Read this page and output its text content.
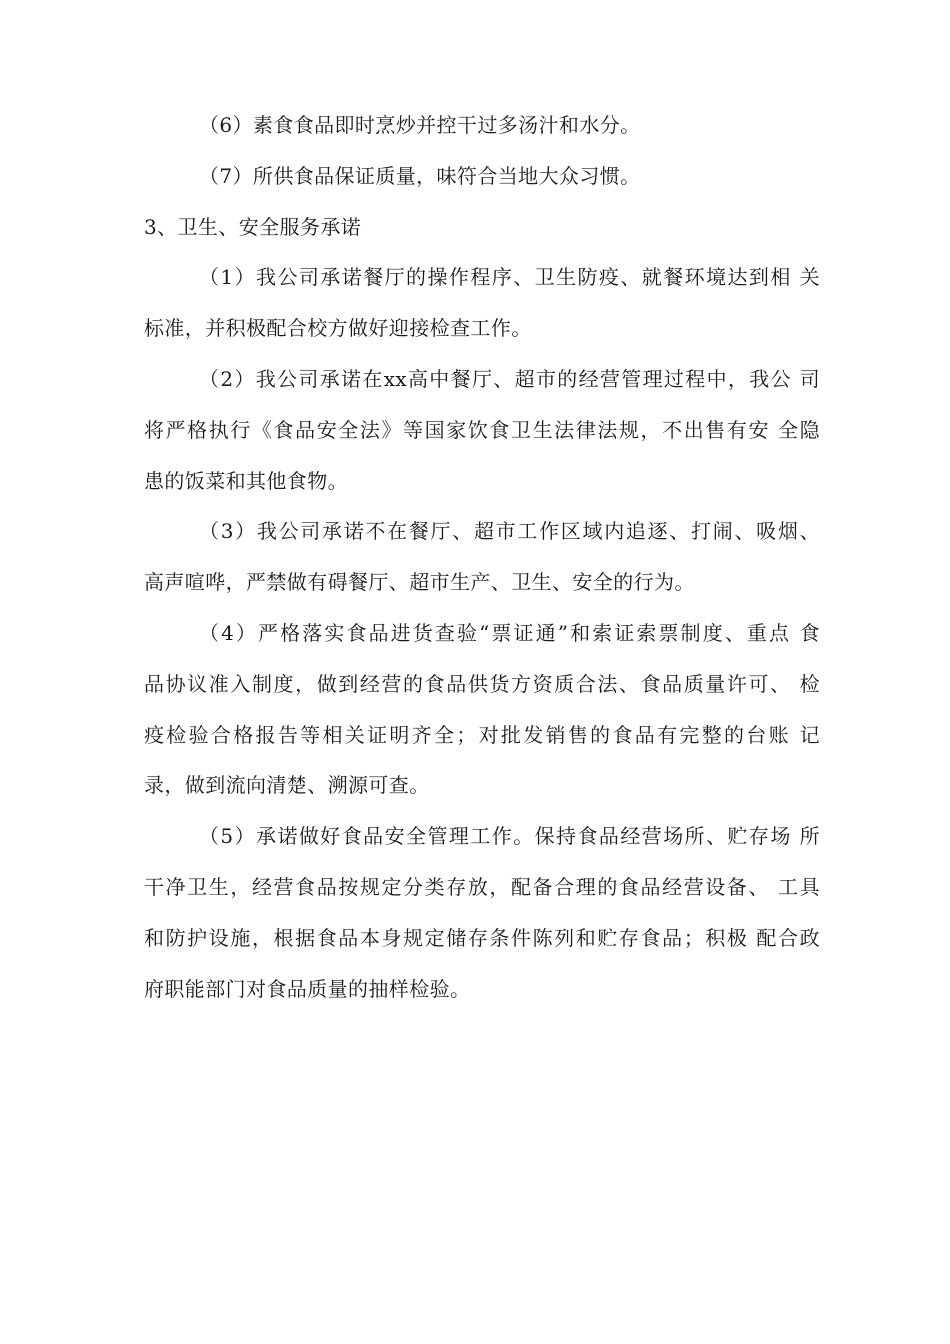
（6）素食食品即时烹炒并控干过多汤汁和水分。
（7）所供食品保证质量，味符合当地大众习惯。
3、卫生、安全服务承诺
（1）我公司承诺餐厅的操作程序、卫生防疫、就餐环境达到相 关
标准，并积极配合校方做好迎接检查工作。
（2）我公司承诺在xx高中餐厅、超市的经营管理过程中，我公 司
将严格执行《食品安全法》等国家饮食卫生法律法规，不出售有安 全隐
患的饭菜和其他食物。
（3）我公司承诺不在餐厅、超市工作区域内追逐、打闹、吸烟、
高声喧哗，严禁做有碍餐厅、超市生产、卫生、安全的行为。
（4）严格落实食品进货查验“票证通”和索证索票制度、重点 食
品协议准入制度，做到经营的食品供货方资质合法、食品质量许可、 检
疫检验合格报告等相关证明齐全；对批发销售的食品有完整的台账 记
录，做到流向清楚、溯源可查。
（5）承诺做好食品安全管理工作。保持食品经营场所、贮存场 所
干净卫生，经营食品按规定分类存放，配备合理的食品经营设备、 工具
和防护设施，根据食品本身规定储存条件陈列和贮存食品；积极 配合政
府职能部门对食品质量的抽样检验。
